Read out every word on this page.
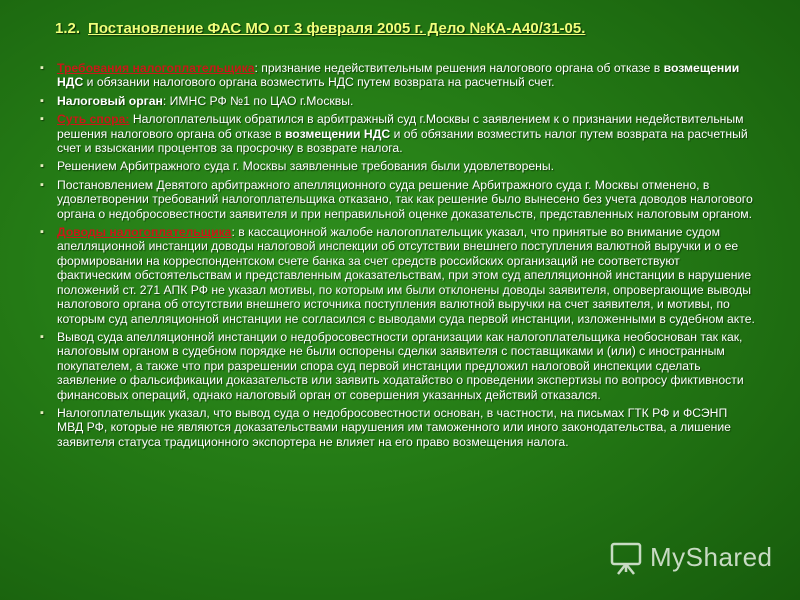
1.2. Постановление ФАС МО от 3 февраля 2005 г. Дело №КА-А40/31-05.
▪ Требования налогоплательщика: признание недействительным решения налогового органа об отказе в возмещении НДС и обязании налогового органа возместить НДС путем возврата на расчетный счет.
▪ Налоговый орган: ИМНС РФ №1 по ЦАО г.Москвы.
▪ Суть спора: Налогоплательщик обратился в арбитражный суд г.Москвы с заявлением к о признании недействительным решения налогового органа об отказе в возмещении НДС и об обязании возместить налог путем возврата на расчетный счет и взыскании процентов за просрочку в возврате налога.
▪ Решением Арбитражного суда г. Москвы заявленные требования были удовлетворены.
▪ Постановлением Девятого арбитражного апелляционного суда решение Арбитражного суда г. Москвы отменено, в удовлетворении требований налогоплательщика отказано, так как решение было вынесено без учета доводов налогового органа о недобросовестности заявителя и при неправильной оценке доказательств, представленных налоговым органом.
▪ Доводы налогоплательщика: в кассационной жалобе налогоплательщик указал, что принятые во внимание судом апелляционной инстанции доводы налоговой инспекции об отсутствии внешнего поступления валютной выручки и о ее формировании на корреспондентском счете банка за счет средств российских организаций не соответствуют фактическим обстоятельствам и представленным доказательствам, при этом суд апелляционной инстанции в нарушение положений ст. 271 АПК РФ не указал мотивы, по которым им были отклонены доводы заявителя, опровергающие выводы налогового органа об отсутствии внешнего источника поступления валютной выручки на счет заявителя, и мотивы, по которым суд апелляционной инстанции не согласился с выводами суда первой инстанции, изложенными в судебном акте.
▪ Вывод суда апелляционной инстанции о недобросовестности организации как налогоплательщика необоснован так как, налоговым органом в судебном порядке не были оспорены сделки заявителя с поставщиками и (или) с иностранным покупателем, а также что при разрешении спора суд первой инстанции предложил налоговой инспекции сделать заявление о фальсификации доказательств или заявить ходатайство о проведении экспертизы по вопросу фиктивности финансовых операций, однако налоговый орган от совершения указанных действий отказался.
▪ Налогоплательщик указал, что вывод суда о недобросовестности основан, в частности, на письмах ГТК РФ и ФСЭНП МВД РФ, которые не являются доказательствами нарушения им таможенного или иного законодательства, а лишение заявителя статуса традиционного экспортера не влияет на его право возмещения налога.
MyShared
